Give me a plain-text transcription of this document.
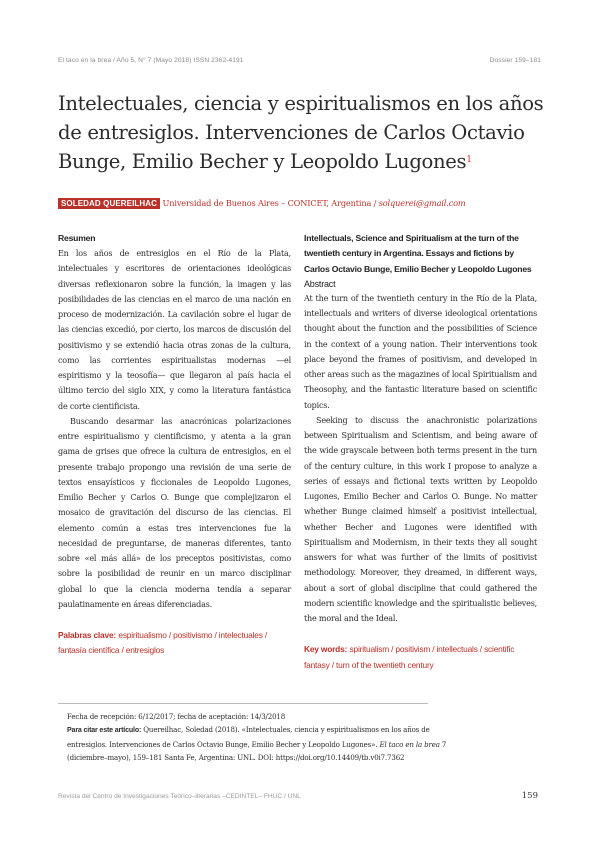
El taco en la brea / Año 5, N° 7 (Mayo 2018) ISSN 2362-4191	Dossier 159–181
Intelectuales, ciencia y espiritualismos en los años de entresiglos. Intervenciones de Carlos Octavio Bunge, Emilio Becher y Leopoldo Lugones$^1$
SOLEDAD QUEREILHAC Universidad de Buenos Aires – CONICET, Argentina / solquerei@gmail.com
Resumen

En los años de entresiglos en el Río de la Plata, intelectuales y escritores de orientaciones ideológicas diversas reflexionaron sobre la función, la imagen y las posibilidades de las ciencias en el marco de una nación en proceso de modernización. La cavilación sobre el lugar de las ciencias excedió, por cierto, los marcos de discusión del positivismo y se extendió hacia otras zonas de la cultura, como las corrientes espiritualistas modernas —el espiritismo y la teosofía— que llegaron al país hacia el último tercio del siglo XIX, y como la literatura fantástica de corte cientificista.

Buscando desarmar las anacrónicas polarizaciones entre espiritualismo y cientificismo, y atenta a la gran gama de grises que ofrece la cultura de entresiglos, en el presente trabajo propongo una revisión de una serie de textos ensayísticos y ficcionales de Leopoldo Lugones, Emilio Becher y Carlos O. Bunge que complejizaron el mosaico de gravitación del discurso de las ciencias. El elemento común a estas tres intervenciones fue la necesidad de preguntarse, de maneras diferentes, tanto sobre «el más allá» de los preceptos positivistas, como sobre la posibilidad de reunir en un marco disciplinar global lo que la ciencia moderna tendía a separar paulatinamente en áreas diferenciadas.

Palabras clave: espiritualismo / positivismo / intelectuales / fantasía científica / entresiglos
Intellectuals, Science and Spiritualism at the turn of the twentieth century in Argentina. Essays and fictions by Carlos Octavio Bunge, Emilio Becher y Leopoldo Lugones
Abstract

At the turn of the twentieth century in the Río de la Plata, intellectuals and writers of diverse ideological orientations thought about the function and the possibilities of Science in the context of a young nation. Their interventions took place beyond the frames of positivism, and developed in other areas such as the magazines of local Spiritualism and Theosophy, and the fantastic literature based on scientific topics.

Seeking to discuss the anachronistic polarizations between Spiritualism and Scientism, and being aware of the wide grayscale between both terms present in the turn of the century culture, in this work I propose to analyze a series of essays and fictional texts written by Leopoldo Lugones, Emilio Becher and Carlos O. Bunge. No matter whether Bunge claimed himself a positivist intellectual, whether Becher and Lugones were identified with Spiritualism and Modernism, in their texts they all sought answers for what was further of the limits of positivist methodology. Moreover, they dreamed, in different ways, about a sort of global discipline that could gathered the modern scientific knowledge and the spiritualistic believes, the moral and the Ideal.

Key words: spiritualism / positivism / intellectuals / scientific fantasy / turn of the twentieth century
Fecha de recepción: 6/12/2017; fecha de aceptación: 14/3/2018
Para citar este artículo: Quereilhac, Soledad (2018). «Intelectuales, ciencia y espiritualismos en los años de entresiglos. Intervenciones de Carlos Octavio Bunge, Emilio Becher y Leopoldo Lugones». El taco en la brea 7 (diciembre–mayo), 159–181 Santa Fe, Argentina: UNL. DOI: https://doi.org/10.14409/tb.v0i7.7362
Revista del Centro de Investigaciones Teórico–literarias –CEDINTEL– FHUC / UNL	159
